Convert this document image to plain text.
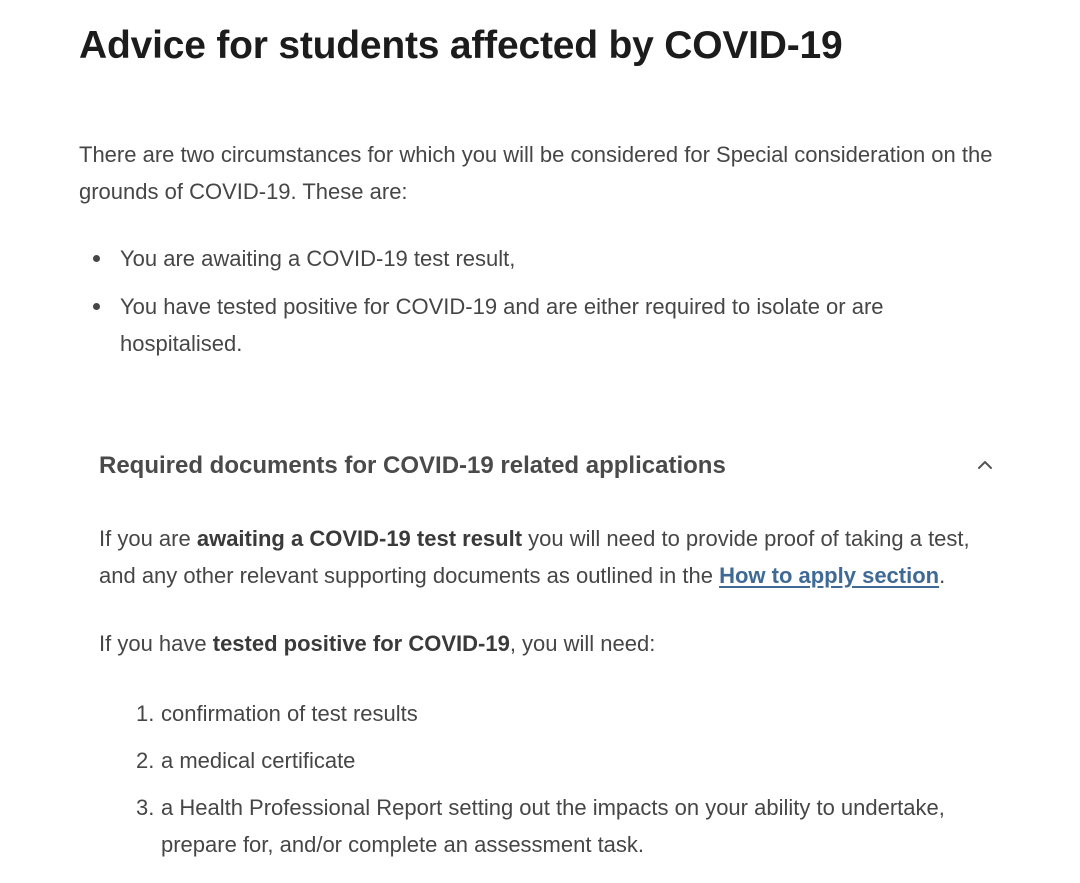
Advice for students affected by COVID-19

There are two circumstances for which you will be considered for Special consideration on the grounds of COVID-19. These are:

You are awaiting a COVID-19 test result,
You have tested positive for COVID-19 and are either required to isolate or are hospitalised.
Required documents for COVID-19 related applications

If you are awaiting a COVID-19 test result you will need to provide proof of taking a test, and any other relevant supporting documents as outlined in the How to apply section.

If you have tested positive for COVID-19, you will need:

1. confirmation of test results
2. a medical certificate
3. a Health Professional Report setting out the impacts on your ability to undertake, prepare for, and/or complete an assessment task.
